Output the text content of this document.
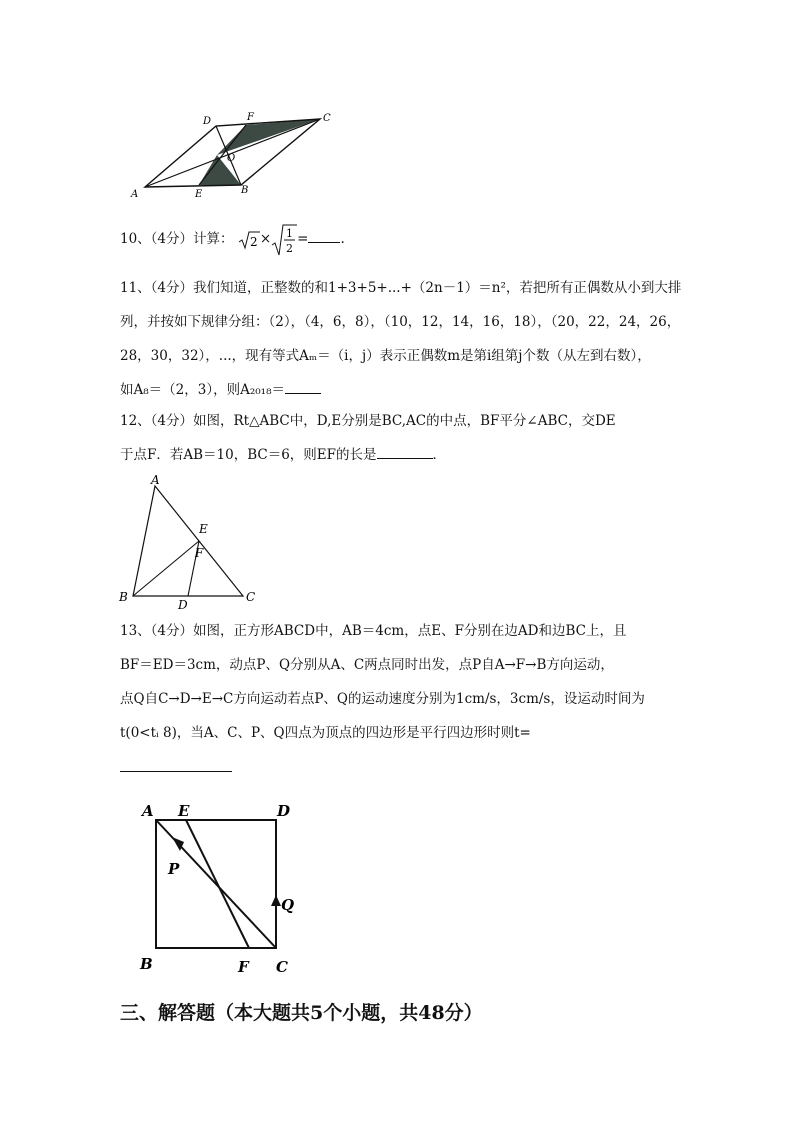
A	E	B
C
D	F
O

10、（4分）计算： 2 × 1
2
= .

11、（4分）我们知道，正整数的和1+3+5+...+（2n－1）＝n²，若把所有正偶数从小到大排

列，并按如下规律分组：（2），（4，6，8），（10，12，14，16，18），（20，22，24，26，

28，30，32），...，现有等式Aₘ＝（i，j）表示正偶数m是第i组第j个数（从左到右数），

如A₈＝（2，3），则A₂₀₁₈＝

12、（4分）如图，Rt△ABC中，D,E分别是BC,AC的中点，BF平分∠ABC，交DE

于点F．若AB＝10，BC＝6，则EF的长是	．

A
B	C
D
E
F

13、（4分）如图，正方形ABCD中，AB＝4cm，点E、F分别在边AD和边BC上，且

BF＝ED＝3cm，动点P、Q分别从A、C两点同时出发，点P自A→F→B方向运动，

点Q自C→D→E→C方向运动若点P、Q的运动速度分别为1cm/s，3cm/s，设运动时间为

t(0<tᵢ 8)，当A、C、P、Q四点为顶点的四边形是平行四边形时则t=

A E	D
B	F C
P
Q
三、解答题（本大题共5个小题，共48分）
